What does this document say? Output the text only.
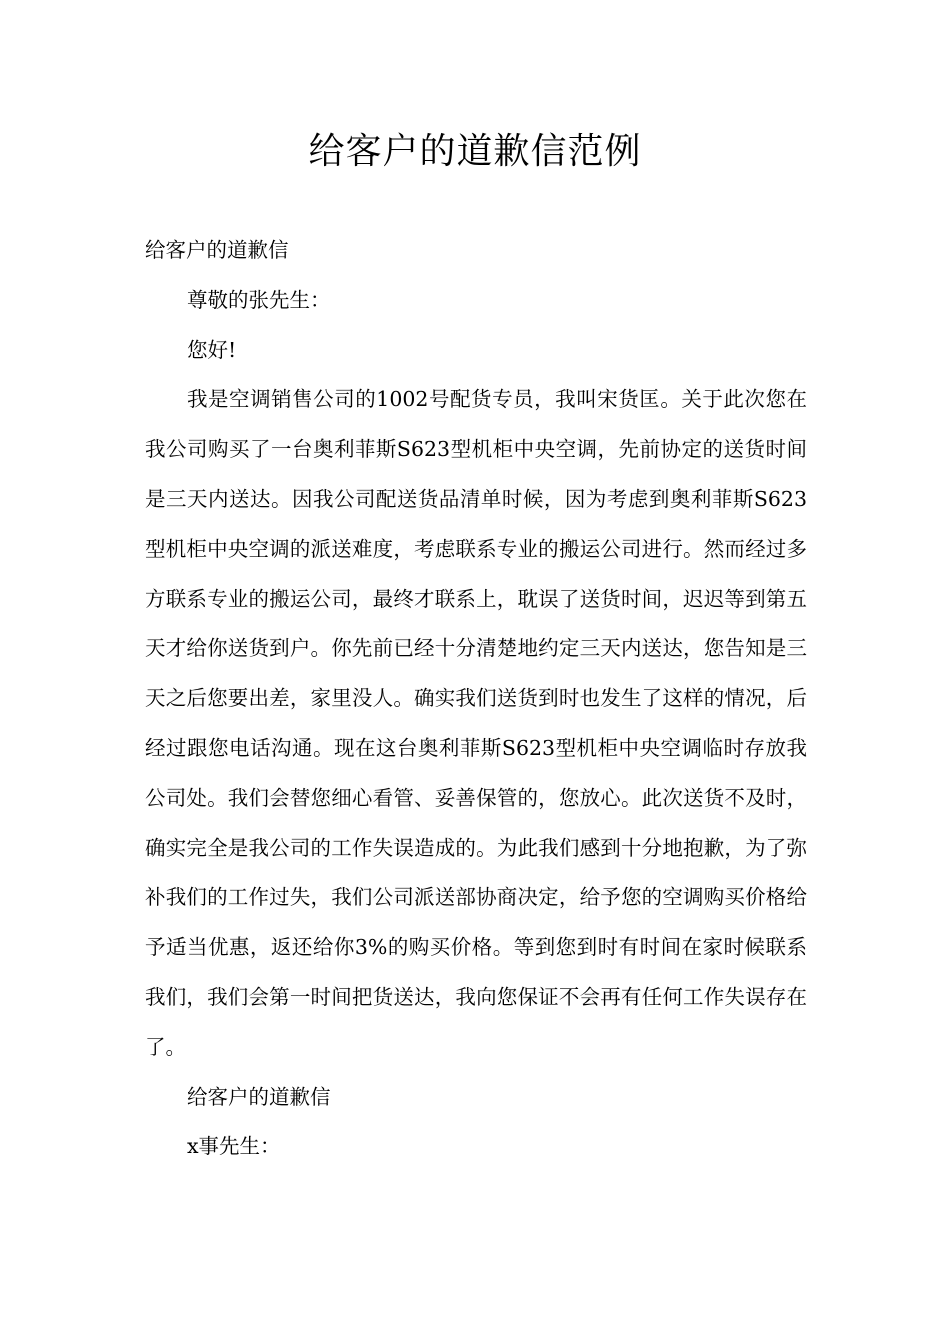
给客户的道歉信范例

给客户的道歉信

尊敬的张先生：

您好!

我是空调销售公司的1002号配货专员，我叫宋货匡。关于此次您在我公司购买了一台奥利菲斯S623型机柜中央空调，先前协定的送货时间是三天内送达。因我公司配送货品清单时候，因为考虑到奥利菲斯S623型机柜中央空调的派送难度，考虑联系专业的搬运公司进行。然而经过多方联系专业的搬运公司，最终才联系上，耽误了送货时间，迟迟等到第五天才给你送货到户。你先前已经十分清楚地约定三天内送达，您告知是三天之后您要出差，家里没人。确实我们送货到时也发生了这样的情况，后经过跟您电话沟通。现在这台奥利菲斯S623型机柜中央空调临时存放我公司处。我们会替您细心看管、妥善保管的，您放心。此次送货不及时，确实完全是我公司的工作失误造成的。为此我们感到十分地抱歉，为了弥补我们的工作过失，我们公司派送部协商决定，给予您的空调购买价格给予适当优惠，返还给你3%的购买价格。等到您到时有时间在家时候联系我们，我们会第一时间把货送达，我向您保证不会再有任何工作失误存在了。

给客户的道歉信

x事先生：
